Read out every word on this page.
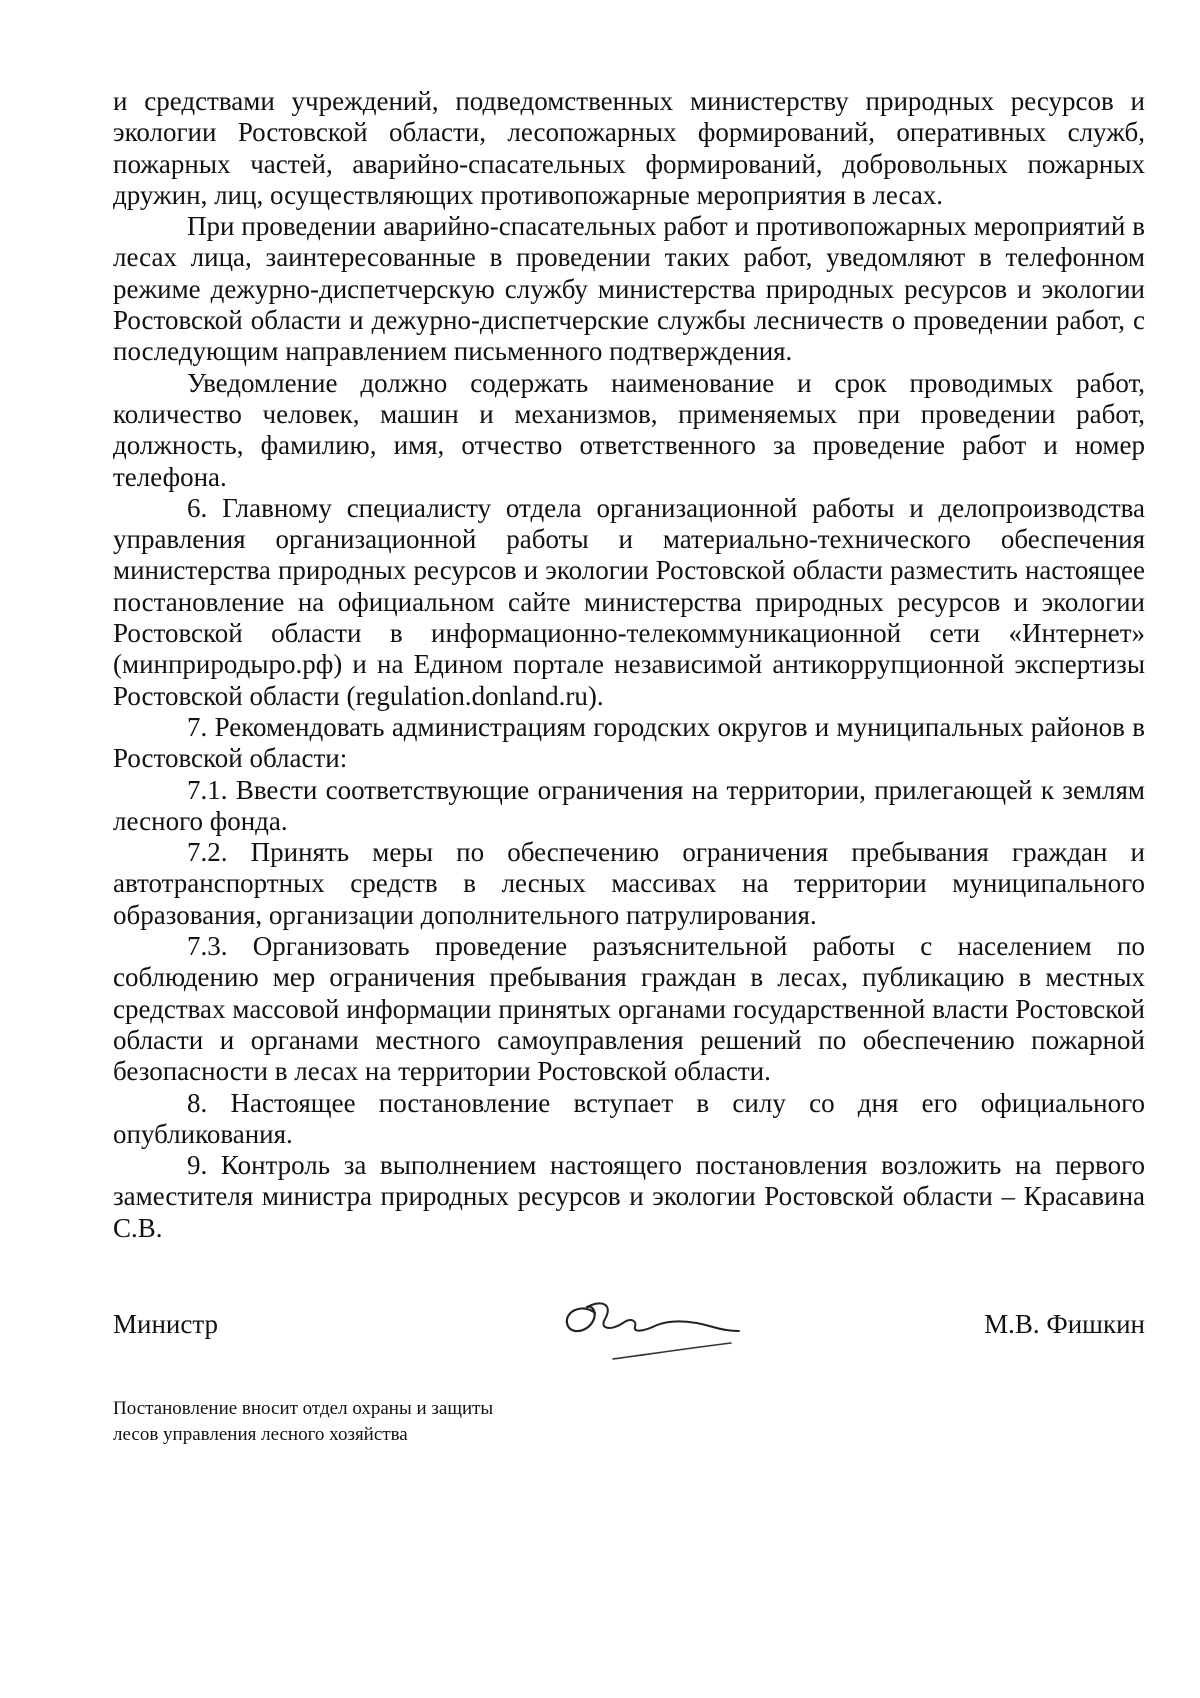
и средствами учреждений, подведомственных министерству природных ресурсов и экологии Ростовской области, лесопожарных формирований, оперативных служб, пожарных частей, аварийно-спасательных формирований, добровольных пожарных дружин, лиц, осуществляющих противопожарные мероприятия в лесах.

При проведении аварийно-спасательных работ и противопожарных мероприятий в лесах лица, заинтересованные в проведении таких работ, уведомляют в телефонном режиме дежурно-диспетчерскую службу министерства природных ресурсов и экологии Ростовской области и дежурно-диспетчерские службы лесничеств о проведении работ, с последующим направлением письменного подтверждения.

Уведомление должно содержать наименование и срок проводимых работ, количество человек, машин и механизмов, применяемых при проведении работ, должность, фамилию, имя, отчество ответственного за проведение работ и номер телефона.

6. Главному специалисту отдела организационной работы и делопроизводства управления организационной работы и материально-технического обеспечения министерства природных ресурсов и экологии Ростовской области разместить настоящее постановление на официальном сайте министерства природных ресурсов и экологии Ростовской области в информационно-телекоммуникационной сети «Интернет» (минприродыро.рф) и на Едином портале независимой антикоррупционной экспертизы Ростовской области (regulation.donland.ru).

7. Рекомендовать администрациям городских округов и муниципальных районов в Ростовской области:

7.1. Ввести соответствующие ограничения на территории, прилегающей к землям лесного фонда.

7.2. Принять меры по обеспечению ограничения пребывания граждан и автотранспортных средств в лесных массивах на территории муниципального образования, организации дополнительного патрулирования.

7.3. Организовать проведение разъяснительной работы с населением по соблюдению мер ограничения пребывания граждан в лесах, публикацию в местных средствах массовой информации принятых органами государственной власти Ростовской области и органами местного самоуправления решений по обеспечению пожарной безопасности в лесах на территории Ростовской области.

8. Настоящее постановление вступает в силу со дня его официального опубликования.

9. Контроль за выполнением настоящего постановления возложить на первого заместителя министра природных ресурсов и экологии Ростовской области – Красавина С.В.

Министр	М.В. Фишкин
Постановление вносит отдел охраны и защиты
лесов управления лесного хозяйства
